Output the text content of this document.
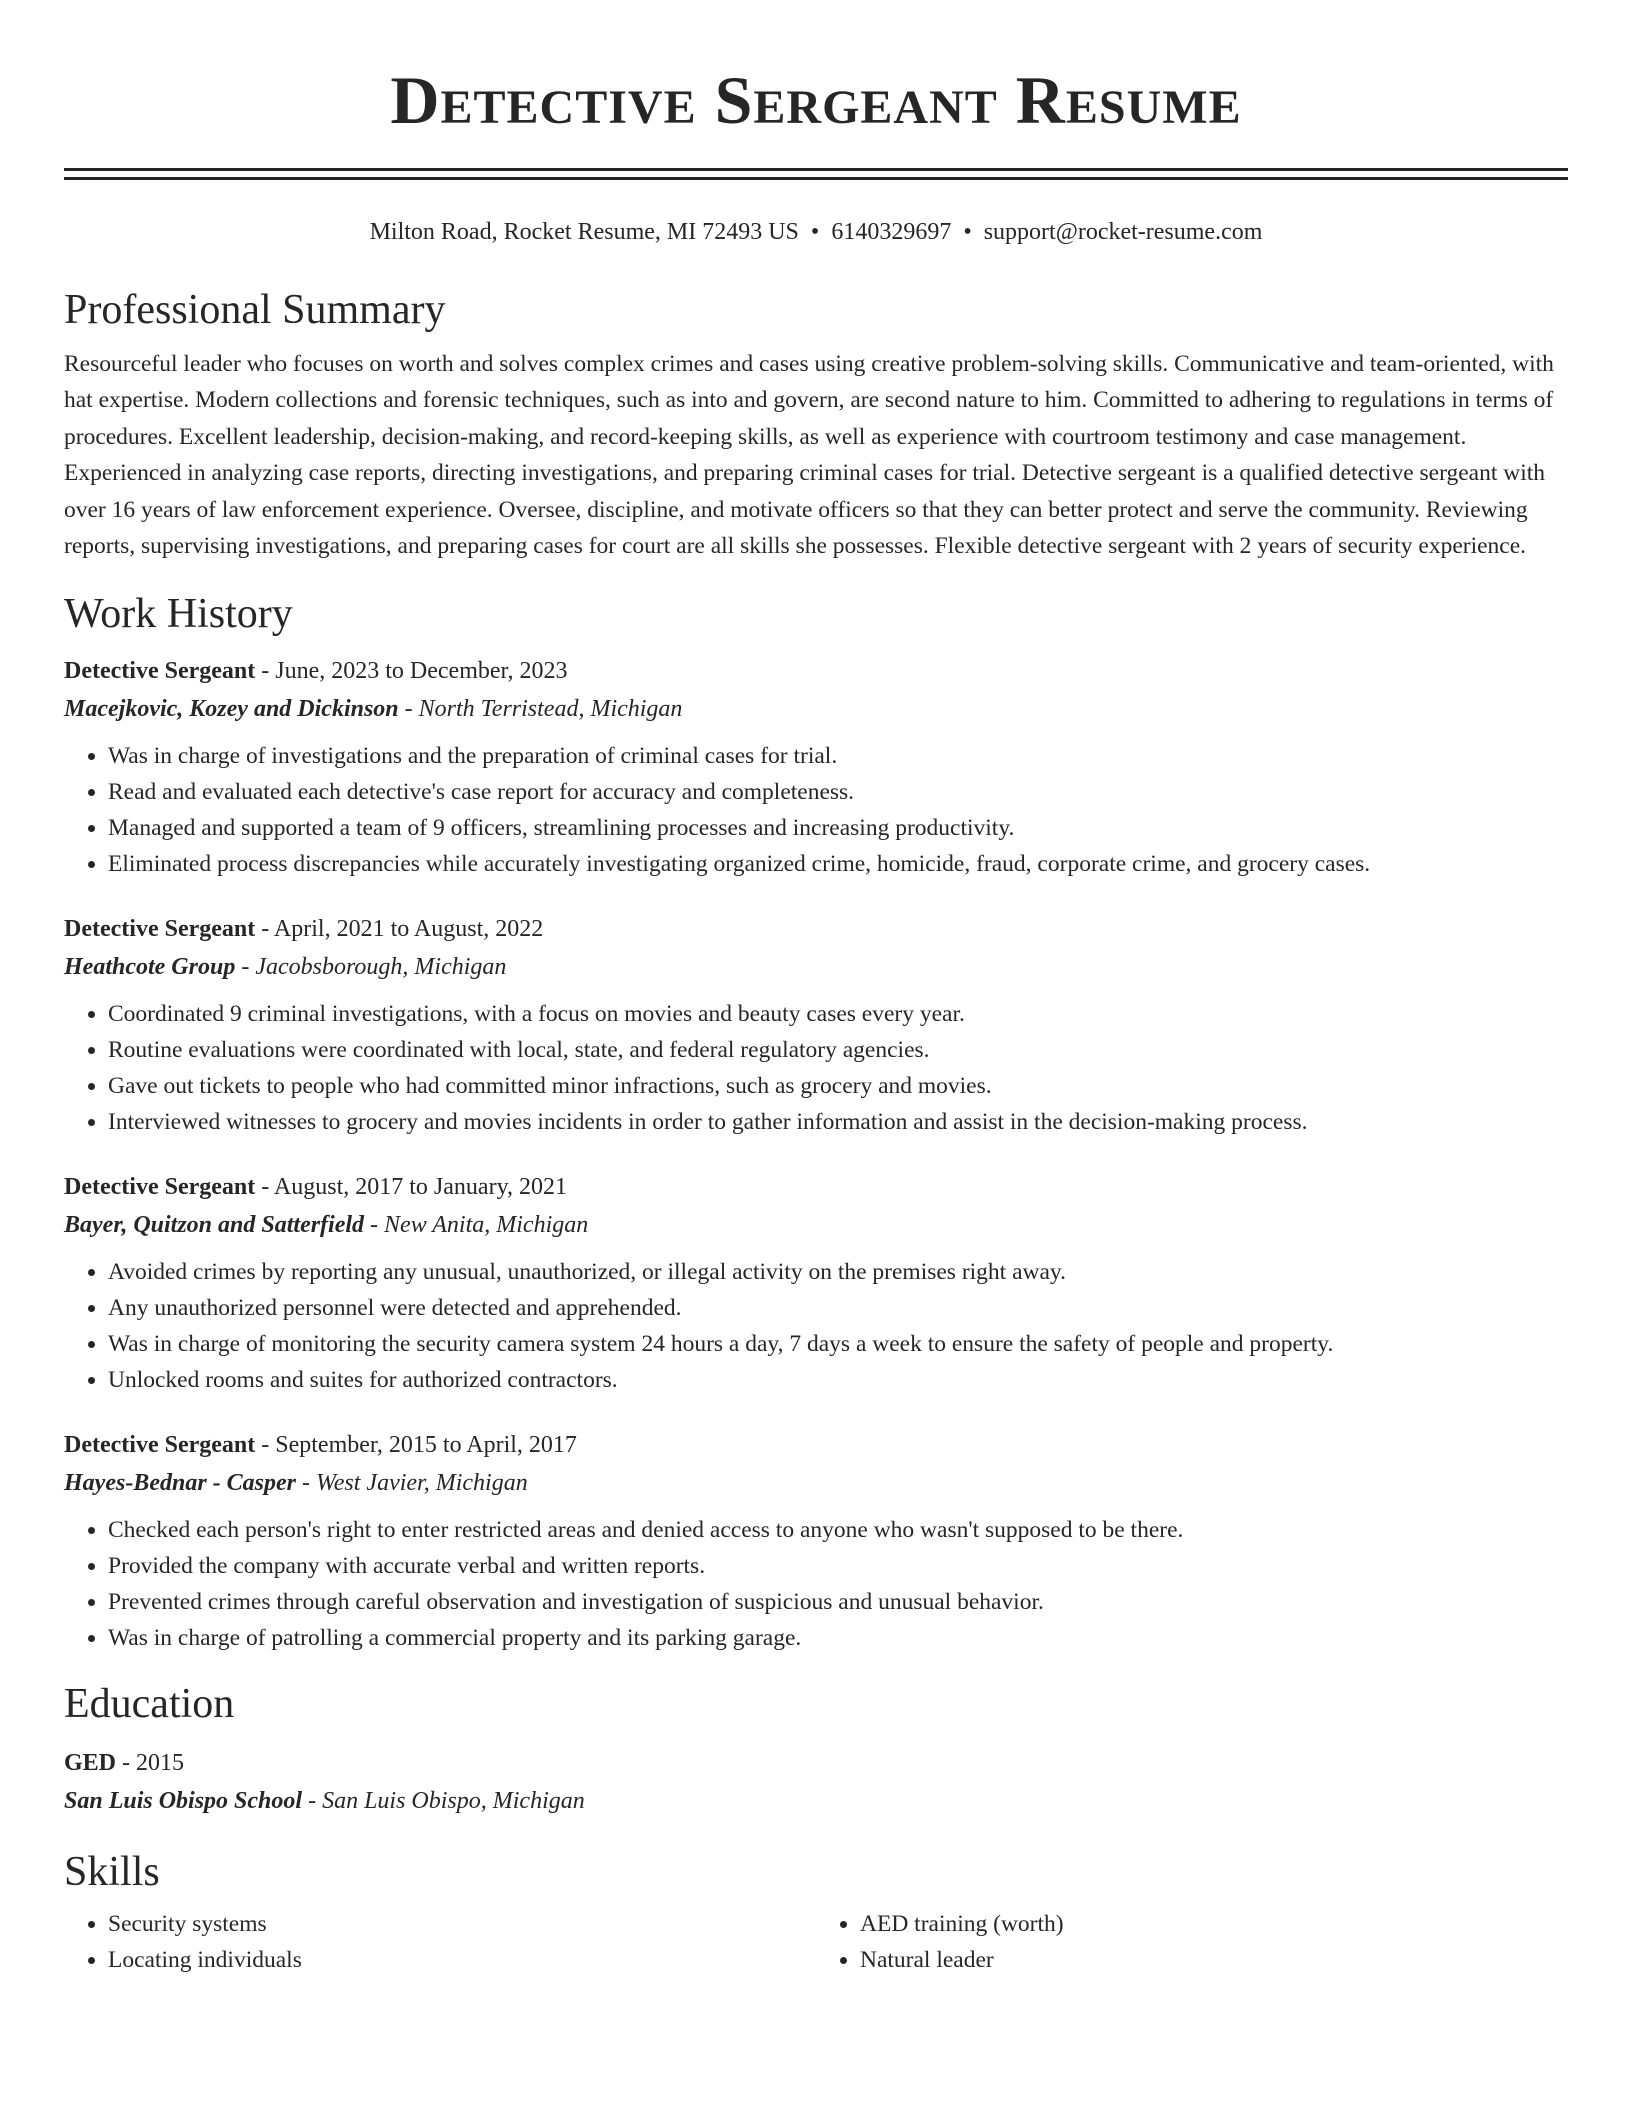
Detective Sergeant Resume
Milton Road, Rocket Resume, MI 72493 US • 6140329697 • support@rocket-resume.com
Professional Summary
Resourceful leader who focuses on worth and solves complex crimes and cases using creative problem-solving skills. Communicative and team-oriented, with hat expertise. Modern collections and forensic techniques, such as into and govern, are second nature to him. Committed to adhering to regulations in terms of procedures. Excellent leadership, decision-making, and record-keeping skills, as well as experience with courtroom testimony and case management. Experienced in analyzing case reports, directing investigations, and preparing criminal cases for trial. Detective sergeant is a qualified detective sergeant with over 16 years of law enforcement experience. Oversee, discipline, and motivate officers so that they can better protect and serve the community. Reviewing reports, supervising investigations, and preparing cases for court are all skills she possesses. Flexible detective sergeant with 2 years of security experience.
Work History
Detective Sergeant - June, 2023 to December, 2023
Macejkovic, Kozey and Dickinson - North Terristead, Michigan
• Was in charge of investigations and the preparation of criminal cases for trial.
• Read and evaluated each detective's case report for accuracy and completeness.
• Managed and supported a team of 9 officers, streamlining processes and increasing productivity.
• Eliminated process discrepancies while accurately investigating organized crime, homicide, fraud, corporate crime, and grocery cases.
Detective Sergeant - April, 2021 to August, 2022
Heathcote Group - Jacobsborough, Michigan
• Coordinated 9 criminal investigations, with a focus on movies and beauty cases every year.
• Routine evaluations were coordinated with local, state, and federal regulatory agencies.
• Gave out tickets to people who had committed minor infractions, such as grocery and movies.
• Interviewed witnesses to grocery and movies incidents in order to gather information and assist in the decision-making process.
Detective Sergeant - August, 2017 to January, 2021
Bayer, Quitzon and Satterfield - New Anita, Michigan
• Avoided crimes by reporting any unusual, unauthorized, or illegal activity on the premises right away.
• Any unauthorized personnel were detected and apprehended.
• Was in charge of monitoring the security camera system 24 hours a day, 7 days a week to ensure the safety of people and property.
• Unlocked rooms and suites for authorized contractors.
Detective Sergeant - September, 2015 to April, 2017
Hayes-Bednar - Casper - West Javier, Michigan
• Checked each person's right to enter restricted areas and denied access to anyone who wasn't supposed to be there.
• Provided the company with accurate verbal and written reports.
• Prevented crimes through careful observation and investigation of suspicious and unusual behavior.
• Was in charge of patrolling a commercial property and its parking garage.
Education
GED - 2015
San Luis Obispo School - San Luis Obispo, Michigan
Skills
• Security systems
• Locating individuals
• AED training (worth)
• Natural leader
